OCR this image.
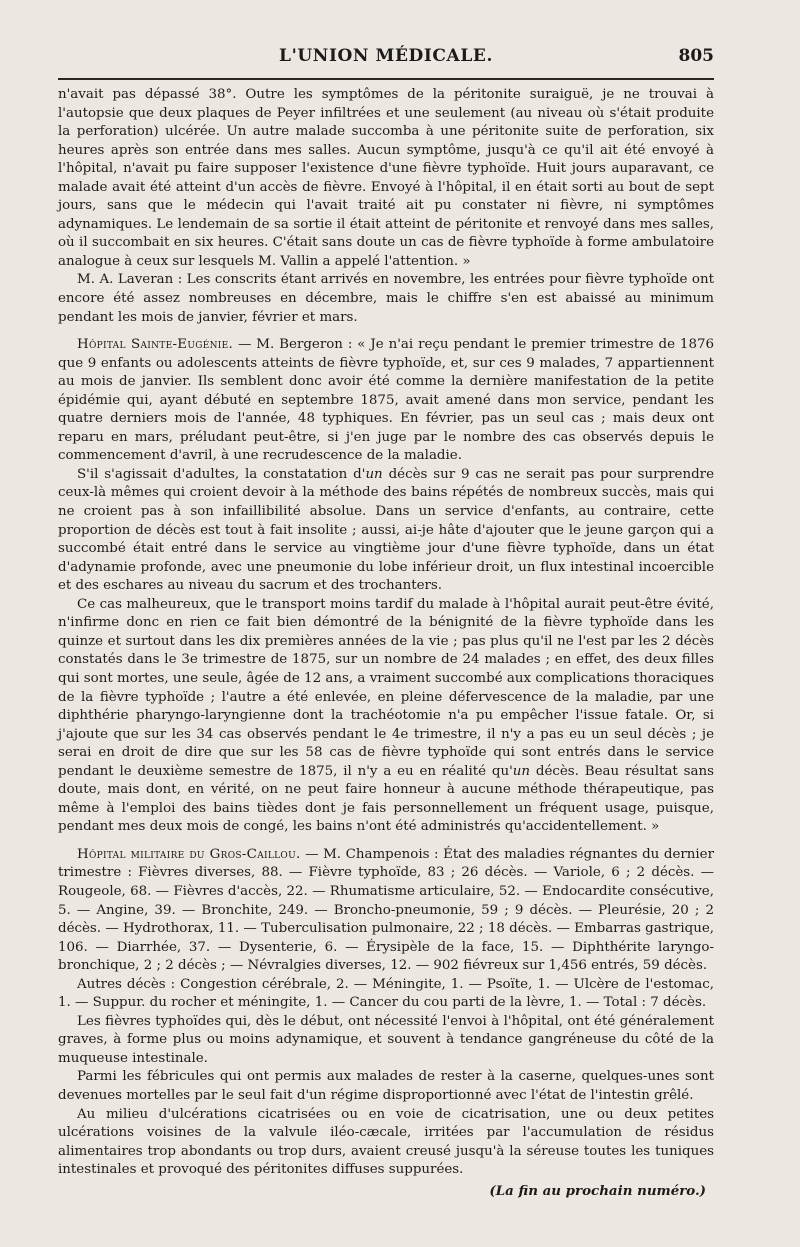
L'UNION MÉDICALE.	805

n'avait pas dépassé 38°. Outre les symptômes de la péritonite suraiguë, je ne trouvai à l'autopsie que deux plaques de Peyer infiltrées et une seulement (au niveau où s'était produite la perforation) ulcérée. Un autre malade succomba à une péritonite suite de perforation, six heures après son entrée dans mes salles. Aucun symptôme, jusqu'à ce qu'il ait été envoyé à l'hôpital, n'avait pu faire supposer l'existence d'une fièvre typhoïde. Huit jours auparavant, ce malade avait été atteint d'un accès de fièvre. Envoyé à l'hôpital, il en était sorti au bout de sept jours, sans que le médecin qui l'avait traité ait pu constater ni fièvre, ni symptômes adynamiques. Le lendemain de sa sortie il était atteint de péritonite et renvoyé dans mes salles, où il succombait en six heures. C'était sans doute un cas de fièvre typhoïde à forme ambulatoire analogue à ceux sur lesquels M. Vallin a appelé l'attention. »

M. A. Laveran : Les conscrits étant arrivés en novembre, les entrées pour fièvre typhoïde ont encore été assez nombreuses en décembre, mais le chiffre s'en est abaissé au minimum pendant les mois de janvier, février et mars.

Hôpital Sainte-Eugénie. — M. Bergeron : « Je n'ai reçu pendant le premier trimestre de 1876 que 9 enfants ou adolescents atteints de fièvre typhoïde, et, sur ces 9 malades, 7 appartiennent au mois de janvier. Ils semblent donc avoir été comme la dernière manifestation de la petite épidémie qui, ayant débuté en septembre 1875, avait amené dans mon service, pendant les quatre derniers mois de l'année, 48 typhiques. En février, pas un seul cas ; mais deux ont reparu en mars, préludant peut-être, si j'en juge par le nombre des cas observés depuis le commencement d'avril, à une recrudescence de la maladie.

S'il s'agissait d'adultes, la constatation d'un décès sur 9 cas ne serait pas pour surprendre ceux-là mêmes qui croient devoir à la méthode des bains répétés de nombreux succès, mais qui ne croient pas à son infaillibilité absolue. Dans un service d'enfants, au contraire, cette proportion de décès est tout à fait insolite ; aussi, ai-je hâte d'ajouter que le jeune garçon qui a succombé était entré dans le service au vingtième jour d'une fièvre typhoïde, dans un état d'adynamie profonde, avec une pneumonie du lobe inférieur droit, un flux intestinal incoercible et des eschares au niveau du sacrum et des trochanters.

Ce cas malheureux, que le transport moins tardif du malade à l'hôpital aurait peut-être évité, n'infirme donc en rien ce fait bien démontré de la bénignité de la fièvre typhoïde dans les quinze et surtout dans les dix premières années de la vie ; pas plus qu'il ne l'est par les 2 décès constatés dans le 3e trimestre de 1875, sur un nombre de 24 malades ; en effet, des deux filles qui sont mortes, une seule, âgée de 12 ans, a vraiment succombé aux complications thoraciques de la fièvre typhoïde ; l'autre a été enlevée, en pleine défervescence de la maladie, par une diphthérie pharyngo-laryngienne dont la trachéotomie n'a pu empêcher l'issue fatale. Or, si j'ajoute que sur les 34 cas observés pendant le 4e trimestre, il n'y a pas eu un seul décès ; je serai en droit de dire que sur les 58 cas de fièvre typhoïde qui sont entrés dans le service pendant le deuxième semestre de 1875, il n'y a eu en réalité qu'un décès. Beau résultat sans doute, mais dont, en vérité, on ne peut faire honneur à aucune méthode thérapeutique, pas même à l'emploi des bains tièdes dont je fais personnellement un fréquent usage, puisque, pendant mes deux mois de congé, les bains n'ont été administrés qu'accidentellement. »

Hôpital militaire du Gros-Caillou. — M. Champenois : État des maladies régnantes du dernier trimestre : Fièvres diverses, 88. — Fièvre typhoïde, 83 ; 26 décès. — Variole, 6 ; 2 décès. — Rougeole, 68. — Fièvres d'accès, 22. — Rhumatisme articulaire, 52. — Endocardite consécutive, 5. — Angine, 39. — Bronchite, 249. — Broncho-pneumonie, 59 ; 9 décès. — Pleurésie, 20 ; 2 décès. — Hydrothorax, 11. — Tuberculisation pulmonaire, 22 ; 18 décès. — Embarras gastrique, 106. — Diarrhée, 37. — Dysenterie, 6. — Érysipèle de la face, 15. — Diphthérite laryngo-bronchique, 2 ; 2 décès ; — Névralgies diverses, 12. — 902 fiévreux sur 1,456 entrés, 59 décès.

Autres décès : Congestion cérébrale, 2. — Méningite, 1. — Psoïte, 1. — Ulcère de l'estomac, 1. — Suppur. du rocher et méningite, 1. — Cancer du cou parti de la lèvre, 1. — Total : 7 décès.

Les fièvres typhoïdes qui, dès le début, ont nécessité l'envoi à l'hôpital, ont été généralement graves, à forme plus ou moins adynamique, et souvent à tendance gangréneuse du côté de la muqueuse intestinale.

Parmi les fébricules qui ont permis aux malades de rester à la caserne, quelques-unes sont devenues mortelles par le seul fait d'un régime disproportionné avec l'état de l'intestin grêlé.

Au milieu d'ulcérations cicatrisées ou en voie de cicatrisation, une ou deux petites ulcérations voisines de la valvule iléo-cæcale, irritées par l'accumulation de résidus alimentaires trop abondants ou trop durs, avaient creusé jusqu'à la séreuse toutes les tuniques intestinales et provoqué des péritonites diffuses suppurées.

(La fin au prochain numéro.)
